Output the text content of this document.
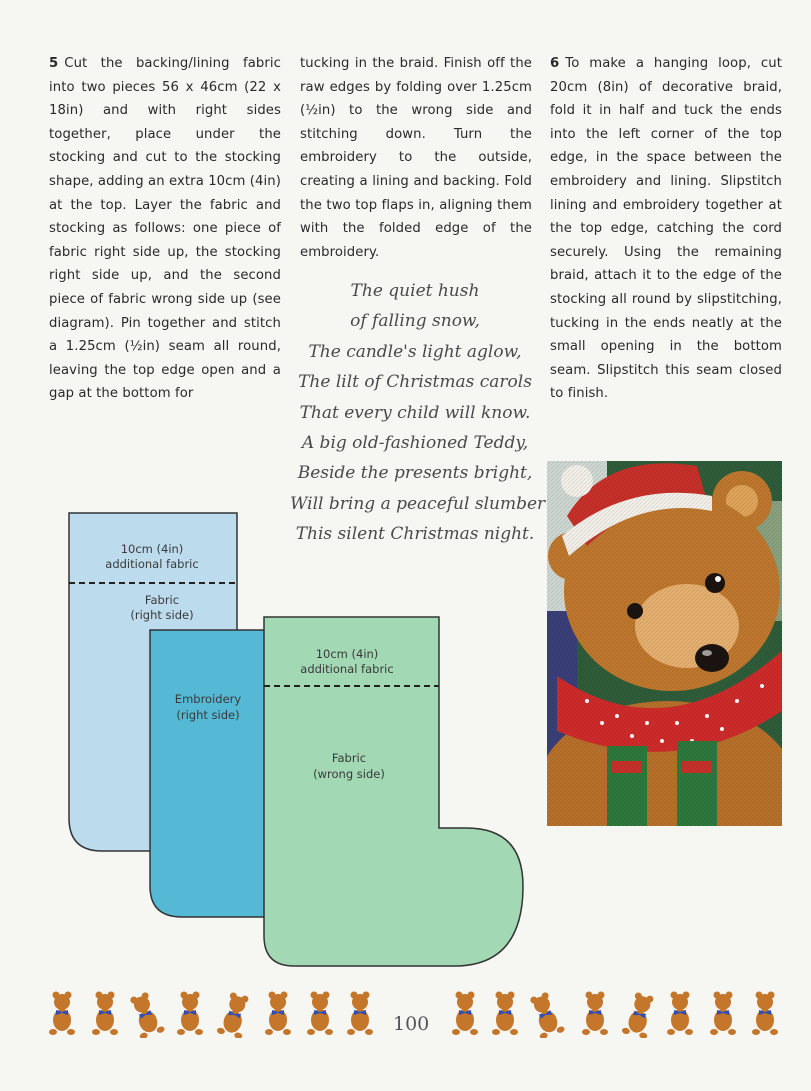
5 Cut the backing/lining fabric into two pieces 56 x 46cm (22 x 18in) and with right sides together, place under the stocking and cut to the stocking shape, adding an extra 10cm (4in) at the top. Layer the fabric and stocking as follows: one piece of fabric right side up, the stocking right side up, and the second piece of fabric wrong side up (see diagram). Pin together and stitch a 1.25cm (½in) seam all round, leaving the top edge open and a gap at the bottom for
tucking in the braid. Finish off the raw edges by folding over 1.25cm (½in) to the wrong side and stitching down. Turn the embroidery to the outside, creating a lining and backing. Fold the two top flaps in, aligning them with the folded edge of the embroidery.
6 To make a hanging loop, cut 20cm (8in) of decorative braid, fold it in half and tuck the ends into the left corner of the top edge, in the space between the embroidery and lining. Slipstitch lining and embroidery together at the top edge, catching the cord securely. Using the remaining braid, attach it to the edge of the stocking all round by slipstitching, tucking in the ends neatly at the small opening in the bottom seam. Slipstitch this seam closed to finish.
The quiet hush
of falling snow,
The candle's light aglow,
The lilt of Christmas carols
That every child will know.
A big old-fashioned Teddy,
Beside the presents bright,
Will bring a peaceful slumber
This silent Christmas night.
10cm (4in)
additional fabric
Fabric
(right side)
Embroidery
(right side)
10cm (4in)
additional fabric
Fabric
(wrong side)
100
